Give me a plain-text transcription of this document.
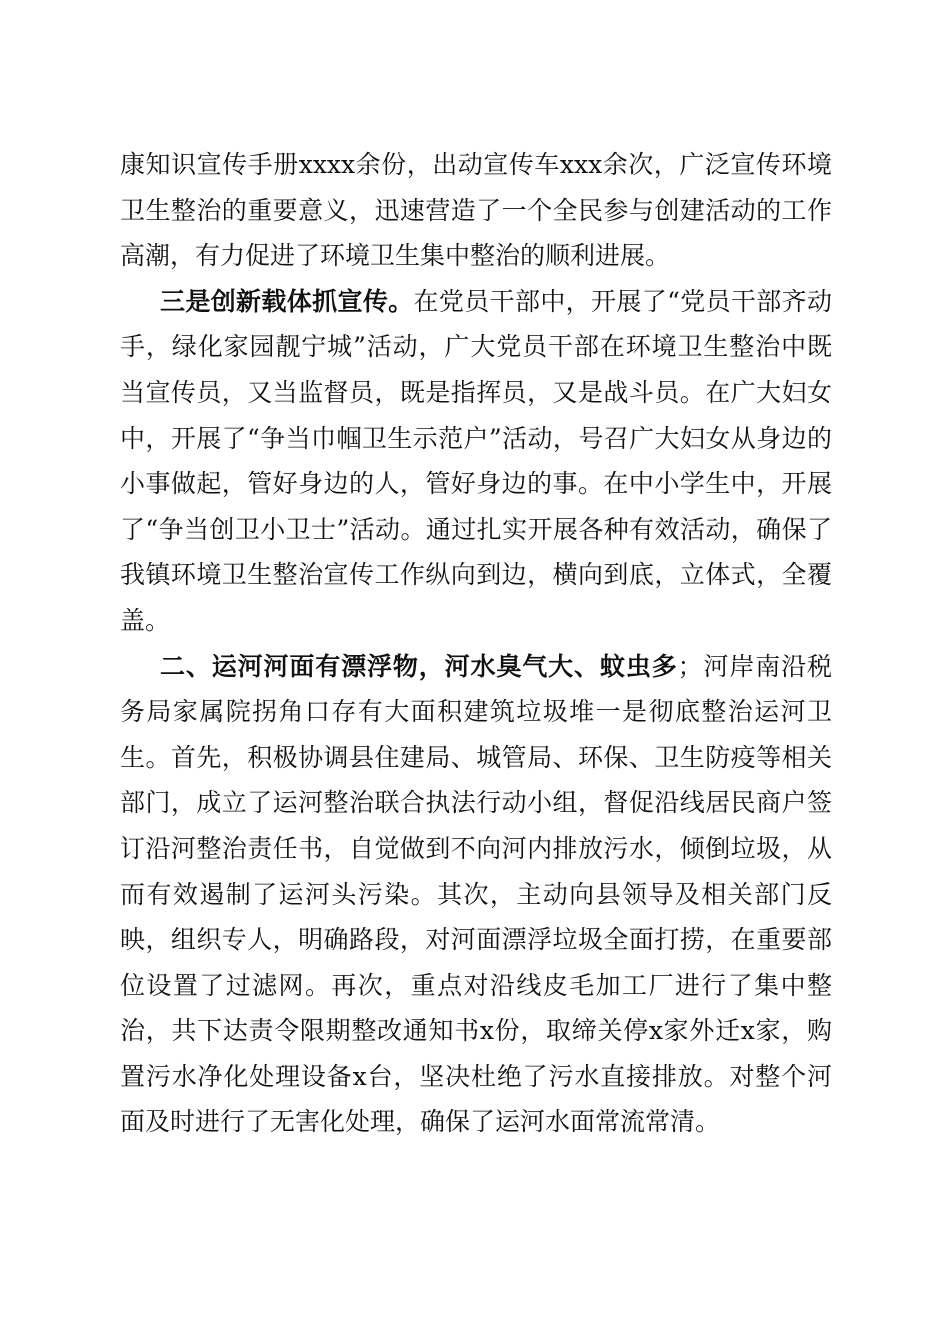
康知识宣传手册xxxx余份，出动宣传车xxx余次，广泛宣传环境卫生整治的重要意义，迅速营造了一个全民参与创建活动的工作高潮，有力促进了环境卫生集中整治的顺利进展。

三是创新载体抓宣传。在党员干部中，开展了“党员干部齐动手，绿化家园靓宁城”活动，广大党员干部在环境卫生整治中既当宣传员，又当监督员，既是指挥员，又是战斗员。在广大妇女中，开展了“争当巾帼卫生示范户”活动，号召广大妇女从身边的小事做起，管好身边的人，管好身边的事。在中小学生中，开展了“争当创卫小卫士”活动。通过扎实开展各种有效活动，确保了我镇环境卫生整治宣传工作纵向到边，横向到底，立体式，全覆盖。

二、运河河面有漂浮物，河水臭气大、蚊虫多；河岸南沿税务局家属院拐角口存有大面积建筑垃圾堆一是彻底整治运河卫生。首先，积极协调县住建局、城管局、环保、卫生防疫等相关部门，成立了运河整治联合执法行动小组，督促沿线居民商户签订沿河整治责任书，自觉做到不向河内排放污水，倾倒垃圾，从而有效遏制了运河头污染。其次，主动向县领导及相关部门反映，组织专人，明确路段，对河面漂浮垃圾全面打捞，在重要部位设置了过滤网。再次，重点对沿线皮毛加工厂进行了集中整治，共下达责令限期整改通知书x份，取缔关停x家外迁x家，购置污水净化处理设备x台，坚决杜绝了污水直接排放。对整个河面及时进行了无害化处理，确保了运河水面常流常清。
